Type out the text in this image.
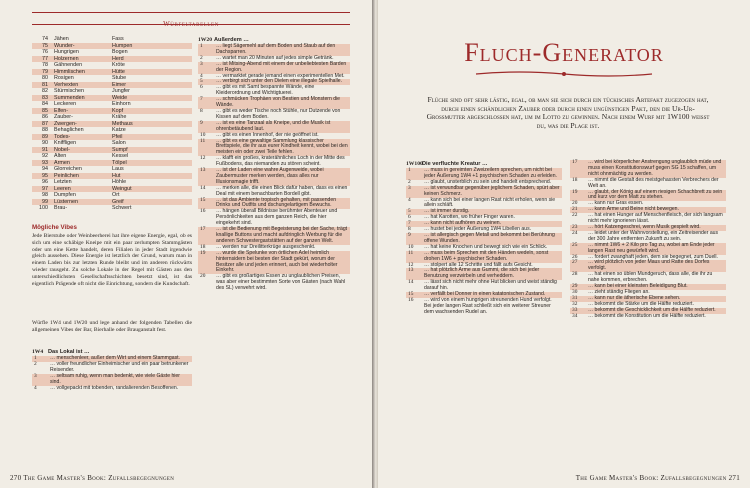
Würfeltabellen
74	Jähen	Fass
75	Wunder-	Humpen
76	Hungrigen	Bogen
77	Holzernen	Herd
78	Gähnenden	Kröte
79	Himmlischen	Hütte
80	Rosigen	Stube
81	Verhexten	Eimer
82	Stürmischen	Jungfer
83	Summenden	Weide
84	Leckeren	Einhorn
85	Elfen-	Kopf
86	Zauber-	Krähe
87	Zwergen-	Methaus
88	Behaglichen	Katze
89	Todes-	Pfeil
90	Kniffligen	Salon
91	Nobel-	Sumpf
92	Alten	Kessel
93	Armen	Tölpel
94	Glorreichen	Laus
95	Peinlichen	Hut
96	Letzten	Höhle
97	Leeren	Weingut
98	Dumpfen	Ort
99	Lüsternen	Greif
100	Brau-	Schwert
Mögliche Vibes
Jede Bierstube oder Weinbeerherei hat ihre eigene Energie, egal, ob es sich um eine schäbige Kneipe mit ein paar zerlumpten Stammgästen oder um eine Kette handelt, deren Filialen in jeder Stadt irgendwie gleich aussehen. Diese Energie ist letztlich der Grund, warum man in einem Laden bis zur letzten Runde bleibt und im anderen rückwärts wieder rausgeht. Zu solche Lokale in der Regel mit Gästen aus den unterschiedlichsten Gesellschaftsschichten besetzt sind, ist das eigentlich Prägende oft nicht die Einrichtung, sondern die Kundschaft.
Würfle 1W4 und 1W20 und lege anhand der folgenden Tabellen die allgemeinen Vibes der Bar, Bierhalle oder Brauganstalt fest.
1W4 Das Lokal ist …
1	… menschenleer, außer dem Wirt und einem Stammgast.
2	… voller freundlicher Einheimischer und ein paar betrunkener Reisender.
3	… seltsam ruhig, wenn man bedenkt, wie viele Gäste hier sind.
4	… vollgepackt mit tobenden, randalierenden Besoffenen.
1W20 Außerdem …
1	… liegt Sägemehl auf dem Boden und Staub auf den Dachsparren.
2	… wartet man 20 Minuten auf jedes simple Getränk.
3	… ist Mitsing-Abend mit einem der unbeliebtesten Barden der Region.
4	… vermarktet gerade jemand einen experimentellen Met.
5	… verbirgt sich unter den Dielen eine illegale Spielhalle.
6	… gibt es mit Samt bespannte Wände, eine Kleiderordnung und Wichtigtuerei.
7	… schmücken Trophäen von Bestien und Monstern die Wände.
8	… gibt es weder Tische noch Stühle, nur Dutzende von Kissen auf dem Boden.
9	… ist es eine Tanzaal als Kneipe, und die Musik ist ohrenbetäubend laut.
10	… gibt es einen Innenhof, der nie geöffnet ist.
11	… gibt es eine gewaltige Sammlung klassischer Brettspiele, die ihr aus eurer Kindheit kennt, wobei bei den meisten ein oder zwei Teile fehlen.
12	… klafft ein großes, kraterähnliches Loch in der Mitte des Fußbodens, das niemanden zu stören scheint.
13	… ist der Laden eine wahre Augenweide, wobei Zaubermuster merken werden, dass alles nur Illusionsmagie trifft.
14	… merken alle, die einen Blick dafür haben, dass es einen Deal mit einem benachbarten Bordell gibt.
15	… ist das Ambiente tropisch gehalten, mit passenden Drinks und Outfits und dschungelartigem Bewuchs.
16	… hängen überall Bildnisse berühmter Abenteuer und Persönlichkeiten aus dem ganzen Reich, die hier eingekehrt sind.
17	… ist die Bedienung mit Begeisterung bei der Sache, trägt knallige Buttons und macht aufdringlich Werbung für die anderen Schwestergaststätten auf der ganzen Welt.
18	… werden nur Dreilitterkrüge ausgeschenkt.
19	… wurde die Spelunke von örtlichen Adel heimlich hinternsidern bei besten der Stadt gekürt, worum der Besitzer alle und jeden erinnert, auch bei wiederholter Einkehr.
20	… gibt es großartiges Essen zu unglaublichen Preisen, was aber einer bestimmten Sorte von Gästen (nach Wahl des SL) verwehrt wird.
270 The Game Master's Book: Zufallsbegegnungen
Fluch-Generator
Flüche sind oft sehr lästig, egal, ob man sie sich durch ein tückisches Artefakt zugezogen hat, durch einen schändlichen Zauber oder durch einen ungünstigen Pakt, den die Ur-Ur-Grossmutter abgeschlossen hat, um im Lotto zu gewinnen. Nach einem Wurf mit 1W100 weisst du, was die Plage ist.
1W100 Die verfluchte Kreatur …
1	… muss in gereimten Zweizeilern sprechen, um nicht bei jeder Äußerung 1W4 +1 psychischen Schaden zu erleiden.
2	… glaubt, unsterblich zu sein und handelt entsprechend.
3	… ist verwundbar gegenüber jeglichem Schaden, spürt aber keinen Schmerz.
4	… kann sich bei einer langen Rast nicht erholen, wenn sie allein schläft.
5	… ist immer durstig.
6	… hat Karotten, wo früher Finger waren.
7	… kann nicht aufhören zu weinen.
8	… hustet bei jeder Äußerung 1W4 Libellen aus.
9	… ist allergisch gegen Metall und bekommt bei Berührung offene Wunden.
10	… hat keine Knochen und bewegt sich wie ein Schlick.
11	… muss beim Sprechen mit den Händen wedeln, sonst drohen 1W6 + psychischer Schaden.
12	… stolpert alle 12 Schritte und fällt aufs Gesicht.
13	… hat plötzlich Arme aus Gummi, die sich bei jeder Benutzung verzwirbeln und verheddern.
14	… lässt sich nicht mehr ohne Hut blicken und weist ständig darauf hin.
15	… verfällt bei Donner in einen katatonischen Zustand.
16	… wird von einem hungrigen streunenden Hund verfolgt. Bei jeder langen Rast schließt sich ein weiterer Streuner dem wachsenden Rudel an.
17	… wird bei körperlicher Anstrengung unglaublich müde und muss einen Konstitutionswurf gegen SG 15 schaffen, um nicht ohnmächtig zu werden.
18	… nimmt die Gestalt des meistgehassten Verbrechers der Welt an.
19	… glaubt, der König auf einem riesigen Schachbrett zu sein und kurz vor dem Matt zu stehen.
20	… kann nur Gras essen.
21	… kann Arme und Beine nicht bewegen.
22	… hat einen Hunger auf Menschenfleisch, der sich langsam nicht mehr ignorieren lässt.
23	… hört Katzengeschrei, wenn Musik gespielt wird.
24	… leidet unter der Wahnvorstellung, ein Zeitreisender aus der 300 Jahre entfernten Zukunft zu sein.
25	… nimmt 1W6 + 2 Kilo pro Tag zu, wobei am Ende jeder langen Rast neu gewürfelt wird.
26	… fordert zwanghaft jeden, dem sie begegnet, zum Duell.
27	… wird plötzlich von jeder Maus und Ratte des Dorfes verfolgt.
28	… hat einen so üblen Mundgeruch, dass alle, die ihr zu nahe kommen, erbrechen.
29	… kann bei einer kleinsten Beleidigung Blut.
30	… zieht ständig Fliegen an.
31	… kann nur die ätherische Ebene sehen.
32	… bekommt die Stärke um die Hälfte reduziert.
33	… bekommt die Geschicklichkeit um die Hälfte reduziert.
34	… bekommt die Konstitution um die Hälfte reduziert.
The Game Master's Book: Zufallsbegegnungen 271
